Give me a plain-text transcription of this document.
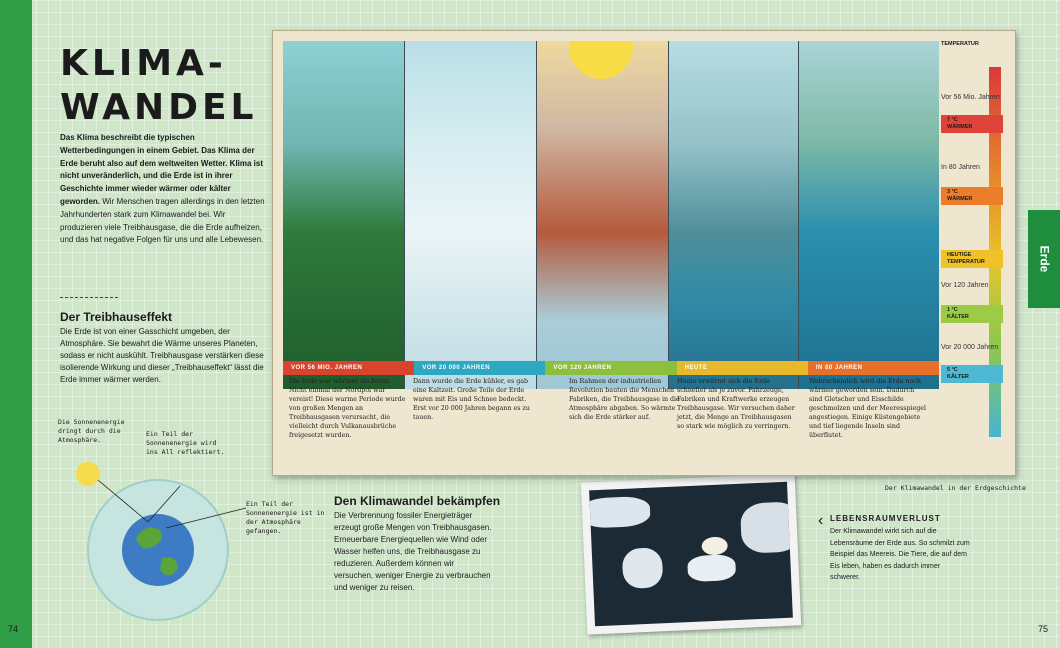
Erde
74	75
KLIMA-
WANDEL
Das Klima beschreibt die typischen Wetterbedingungen in einem Gebiet. Das Klima der Erde beruht also auf dem weltweiten Wetter. Klima ist nicht unveränderlich, und die Erde ist in ihrer Geschichte immer wieder wärmer oder kälter geworden. Wir Menschen tragen allerdings in den letzten Jahrhunderten stark zum Klimawandel bei. Wir produzieren viele Treibhausgase, die die Erde aufheizen, und das hat negative Folgen für uns und alle Lebewesen.
Der Treibhauseffekt
Die Erde ist von einer Gasschicht umgeben, der Atmosphäre. Sie bewahrt die Wärme unseres Planeten, sodass er nicht auskühlt. Treibhausgase verstärken diese isolierende Wirkung und dieser „Treibhauseffekt“ lässt die Erde immer wärmer werden.
Die Sonnenenergie dringt durch die Atmosphäre.
Ein Teil der Sonnenenergie wird ins All reflektiert.
Ein Teil der Sonnenenergie ist in der Atmosphäre gefangen.
Den Klimawandel bekämpfen
Die Verbrennung fossiler Energieträger erzeugt große Mengen von Treibhausgasen. Erneuerbare Energiequellen wie Wind oder Wasser helfen uns, die Treibhausgase zu reduzieren. Außerdem können wir versuchen, weniger Energie zu verbrauchen und weniger zu reisen.
‹ LEBENSRAUMVERLUST
Der Klimawandel wirkt sich auf die Lebensräume der Erde aus. So schmilzt zum Beispiel das Meereis. Die Tiere, die auf dem Eis leben, haben es dadurch immer schwerer.
VOR 56 MIO. JAHREN	VOR 20 000 JAHREN	VOR 120 JAHREN	HEUTE	IN 80 JAHREN
Die Erde war wärmer als heute. Nicht einmal der Nordpol war vereist! Diese warme Periode wurde von großen Mengen an Treibhausgasen verursacht, die vielleicht durch Vulkanausbrüche freigesetzt wurden.
Dann wurde die Erde kühler, es gab eine Kaltzeit. Große Teile der Erde waren mit Eis und Schnee bedeckt. Erst vor 20 000 Jahren begann es zu tauen.
Im Rahmen der industriellen Revolution bauten die Menschen Fabriken, die Treibhausgase in die Atmosphäre abgaben. So wärmte sich die Erde stärker auf.
Heute erwärmt sich die Erde schneller als je zuvor. Fahrzeuge, Fabriken und Kraftwerke erzeugen Treibhausgase. Wir versuchen daher jetzt, die Menge an Treibhausgasen so stark wie möglich zu verringern.
Wahrscheinlich wird die Erde noch wärmer geworden sein. Dadurch sind Gletscher und Eisschilde geschmolzen und der Meeresspiegel angestiegen. Einige Küstengebiete und tief liegende Inseln sind überflutet.
TEMPERATUR
Vor 56 Mio. Jahren
7 °C
WÄRMER
In 80 Jahren
3 °C
WÄRMER
HEUTIGE
TEMPERATUR
Vor 120 Jahren
1 °C
KÄLTER
Vor 20 000 Jahren
5 °C
KÄLTER
Der Klimawandel in der Erdgeschichte
